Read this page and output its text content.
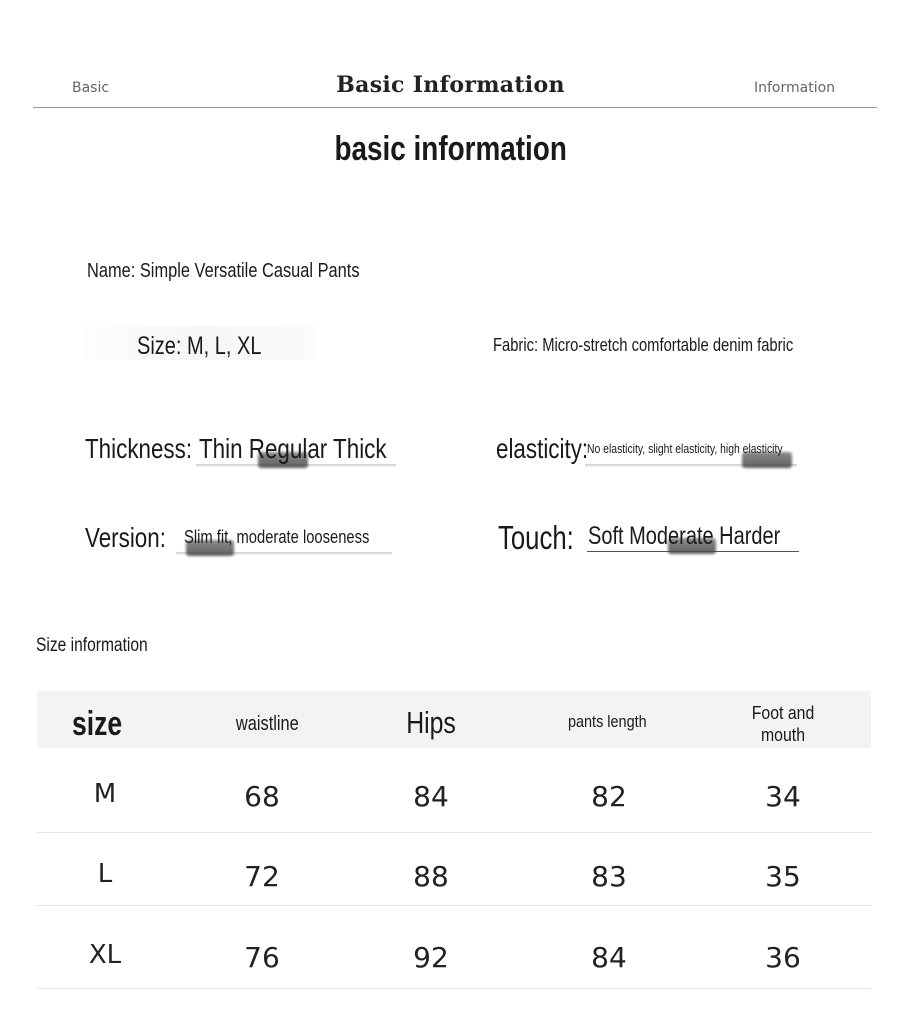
Basic	Basic Information	Information
basic information
Name: Simple Versatile Casual Pants
Size: M, L, XL	Fabric: Micro-stretch comfortable denim fabric
Thickness: Thin Regular Thick	elasticity:
No elasticity, slight elasticity, high elasticity
Version: Slim fit, moderate looseness	Touch: Soft Moderate Harder
Size information
size	waistline	Hips	pants length	Foot and mouth
M	68	84	82	34
L	72	88	83	35
XL	76	92	84	36
